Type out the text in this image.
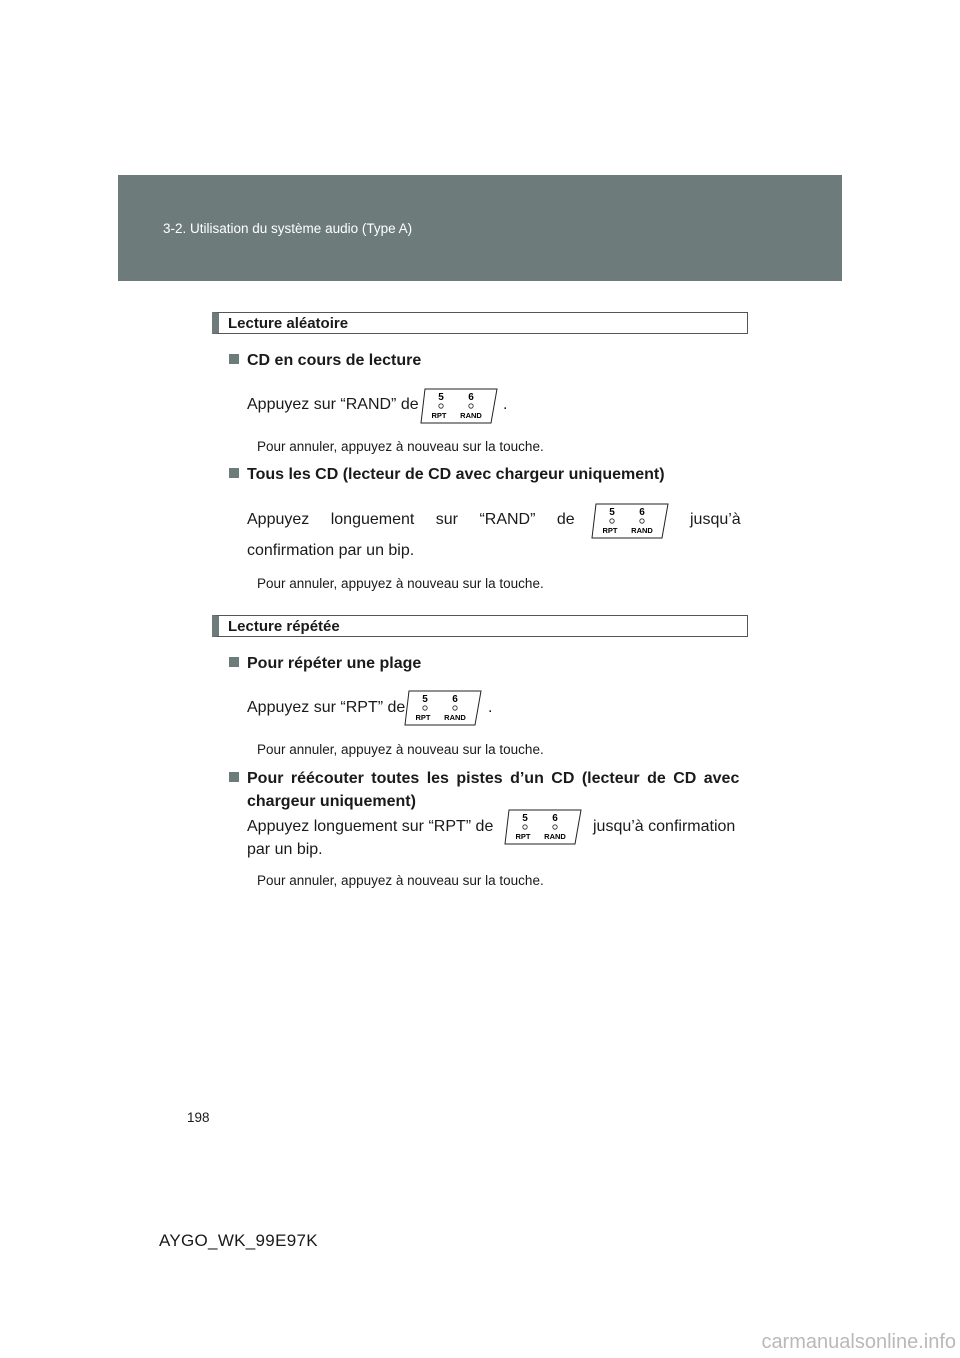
3-2. Utilisation du système audio (Type A)
Lecture aléatoire
CD en cours de lecture
Appuyez sur “RAND” de	.
Pour annuler, appuyez à nouveau sur la touche.
Tous les CD (lecteur de CD avec chargeur uniquement)
Appuyez longuement sur “RAND” de	jusqu’à
confirmation par un bip.
Pour annuler, appuyez à nouveau sur la touche.
Lecture répétée
Pour répéter une plage
Appuyez sur “RPT” de	.
Pour annuler, appuyez à nouveau sur la touche.
Pour réécouter toutes les pistes d’un CD (lecteur de CD avec
chargeur uniquement)
Appuyez longuement sur “RPT” de	jusqu’à confirmation
par un bip.
Pour annuler, appuyez à nouveau sur la touche.
198
AYGO_WK_99E97K
carmanualsonline.info
